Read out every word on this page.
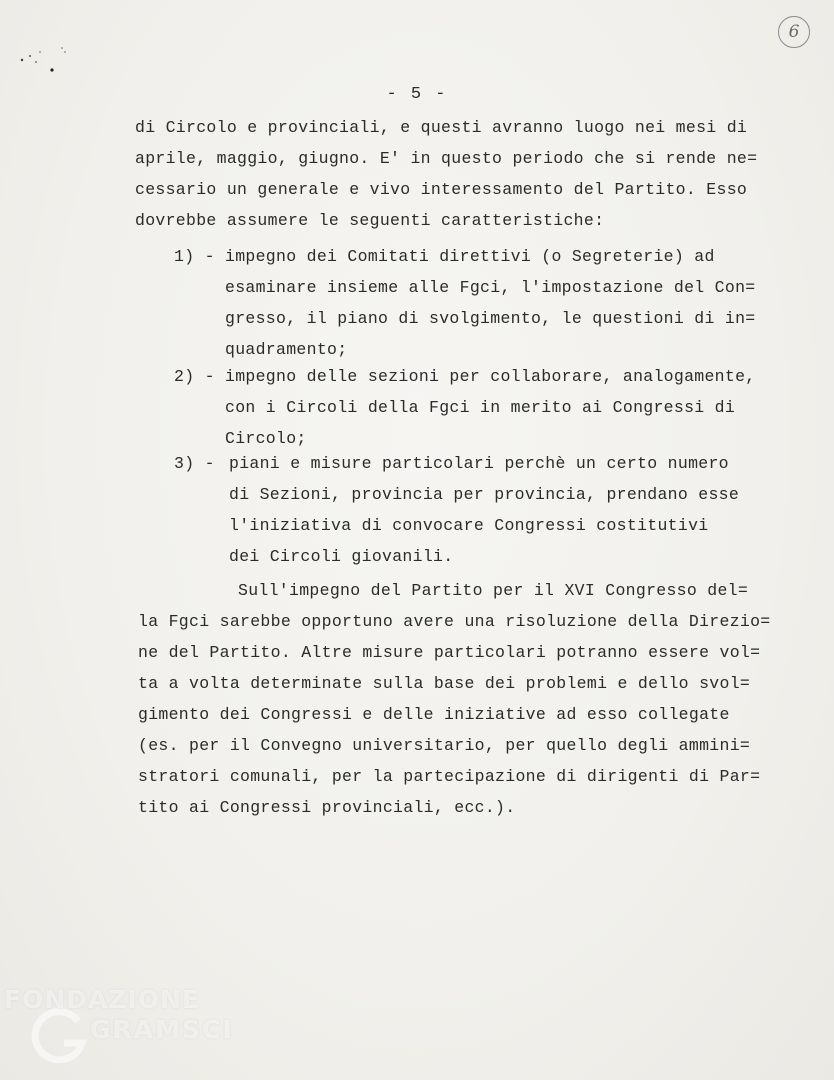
6
- 5 -
di Circolo e provinciali, e questi avranno luogo nei mesi di
aprile, maggio, giugno. E' in questo periodo che si rende ne=
cessario un generale e vivo interessamento del Partito. Esso
dovrebbe assumere le seguenti caratteristiche:
1) - impegno dei Comitati direttivi (o Segreterie) ad
esaminare insieme alle Fgci, l'impostazione del Con=
gresso, il piano di svolgimento, le questioni di in=
quadramento;
2) - impegno delle sezioni per collaborare, analogamente,
con i Circoli della Fgci in merito ai Congressi di
Circolo;
3) - piani e misure particolari perchè un certo numero
di Sezioni, provincia per provincia, prendano esse
l'iniziativa di convocare Congressi costitutivi
dei Circoli giovanili.
Sull'impegno del Partito per il XVI Congresso del=
la Fgci sarebbe opportuno avere una risoluzione della Direzio=
ne del Partito. Altre misure particolari potranno essere vol=
ta a volta determinate sulla base dei problemi e dello svol=
gimento dei Congressi e delle iniziative ad esso collegate
(es. per il Convegno universitario, per quello degli ammini=
stratori comunali, per la partecipazione di dirigenti di Par=
tito ai Congressi provinciali, ecc.).
FONDAZIONE
GRAMSCI
